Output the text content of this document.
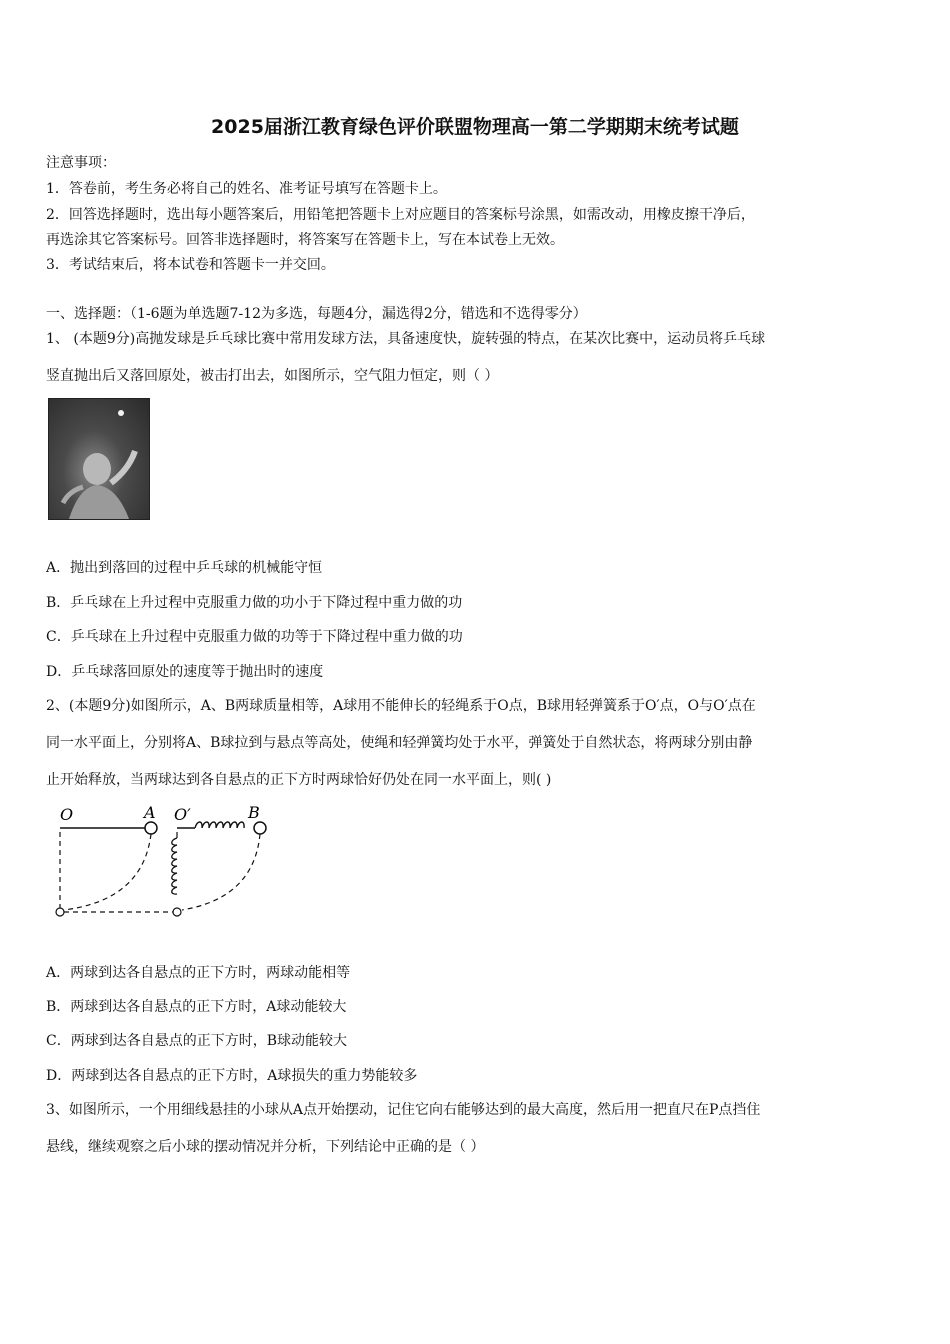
2025届浙江教育绿色评价联盟物理高一第二学期期末统考试题
注意事项：
1．答卷前，考生务必将自己的姓名、准考证号填写在答题卡上。
2．回答选择题时，选出每小题答案后，用铅笔把答题卡上对应题目的答案标号涂黑，如需改动，用橡皮擦干净后，
再选涂其它答案标号。回答非选择题时，将答案写在答题卡上，写在本试卷上无效。
3．考试结束后，将本试卷和答题卡一并交回。
一、选择题：（1-6题为单选题7-12为多选，每题4分，漏选得2分，错选和不选得零分）
1、 (本题9分)高抛发球是乒乓球比赛中常用发球方法，具备速度快，旋转强的特点，在某次比赛中，运动员将乒乓球
竖直抛出后又落回原处，被击打出去，如图所示，空气阻力恒定，则（ ）
A．抛出到落回的过程中乒乓球的机械能守恒
B．乒乓球在上升过程中克服重力做的功小于下降过程中重力做的功
C．乒乓球在上升过程中克服重力做的功等于下降过程中重力做的功
D．乒乓球落回原处的速度等于抛出时的速度
2、(本题9分)如图所示，A、B两球质量相等，A球用不能伸长的轻绳系于O点，B球用轻弹簧系于O′点，O与O′点在
同一水平面上，分别将A、B球拉到与悬点等高处，使绳和轻弹簧均处于水平，弹簧处于自然状态，将两球分别由静
止开始释放，当两球达到各自悬点的正下方时两球恰好仍处在同一水平面上，则( )
O	A O′	B
A．两球到达各自悬点的正下方时，两球动能相等
B．两球到达各自悬点的正下方时，A球动能较大
C．两球到达各自悬点的正下方时，B球动能较大
D．两球到达各自悬点的正下方时，A球损失的重力势能较多
3、如图所示，一个用细线悬挂的小球从A点开始摆动，记住它向右能够达到的最大高度，然后用一把直尺在P点挡住
悬线，继续观察之后小球的摆动情况并分析，下列结论中正确的是（ ）
